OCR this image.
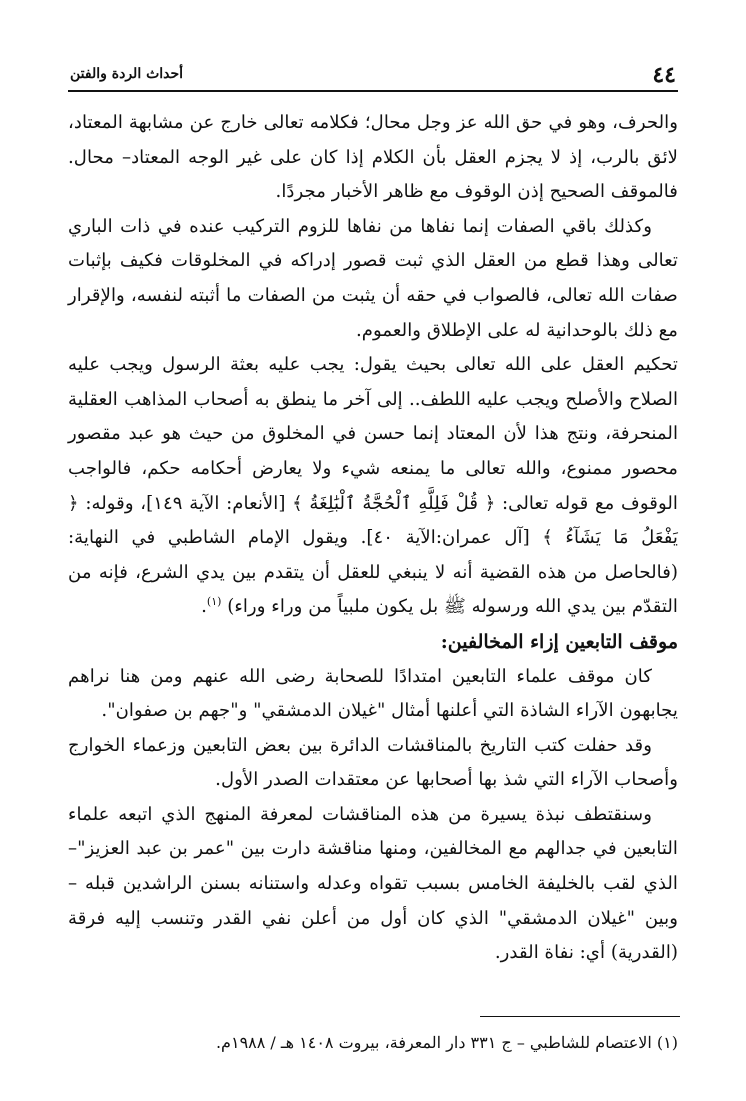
٤٤
أحداث الردة والفتن

والحرف، وهو في حق الله عز وجل محال؛ فكلامه تعالى خارج عن مشابهة المعتاد، لائق بالرب، إذ لا يجزم العقل بأن الكلام إذا كان على غير الوجه المعتاد– محال. فالموقف الصحيح إذن الوقوف مع ظاهر الأخبار مجردًا.

وكذلك باقي الصفات إنما نفاها من نفاها للزوم التركيب عنده في ذات الباري تعالى وهذا قطع من العقل الذي ثبت قصور إدراكه في المخلوقات فكيف بإثبات صفات الله تعالى، فالصواب في حقه أن يثبت من الصفات ما أثبته لنفسه، والإقرار مع ذلك بالوحدانية له على الإطلاق والعموم.

تحكيم العقل على الله تعالى بحيث يقول: يجب عليه بعثة الرسول ويجب عليه الصلاح والأصلح ويجب عليه اللطف.. إلى آخر ما ينطق به أصحاب المذاهب العقلية المنحرفة، ونتج هذا لأن المعتاد إنما حسن في المخلوق من حيث هو عبد مقصور محصور ممنوع، والله تعالى ما يمنعه شيء ولا يعارض أحكامه حكم، فالواجب الوقوف مع قوله تعالى: ﴿ قُلْ فَلِلَّهِ ٱلْحُجَّةُ ٱلْبَٰلِغَةُ ﴾ [الأنعام: الآية ١٤٩]، وقوله: ﴿ يَفْعَلُ مَا يَشَآءُ ﴾ [آل عمران:الآية ٤٠]. ويقول الإمام الشاطبي في النهاية: (فالحاصل من هذه القضية أنه لا ينبغي للعقل أن يتقدم بين يدي الشرع، فإنه من التقدّم بين يدي الله ورسوله ﷺ بل يكون ملبياً من وراء وراء) $^{(١)}$.

موقف التابعين إزاء المخالفين:

كان موقف علماء التابعين امتدادًا للصحابة رضى الله عنهم ومن هنا نراهم يجابهون الآراء الشاذة التي أعلنها أمثال "غيلان الدمشقي" و"جهم بن صفوان".

وقد حفلت كتب التاريخ بالمناقشات الدائرة بين بعض التابعين وزعماء الخوارج وأصحاب الآراء التي شذ بها أصحابها عن معتقدات الصدر الأول.

وسنقتطف نبذة يسيرة من هذه المناقشات لمعرفة المنهج الذي اتبعه علماء التابعين في جدالهم مع المخالفين، ومنها مناقشة دارت بين "عمر بن عبد العزيز"– الذي لقب بالخليفة الخامس بسبب تقواه وعدله واستنانه بسنن الراشدين قبله – وبين "غيلان الدمشقي" الذي كان أول من أعلن نفي القدر وتنسب إليه فرقة (القدرية) أي: نفاة القدر.

(١) الاعتصام للشاطبي – ج ٣٣١ دار المعرفة، بيروت ١٤٠٨ هـ / ١٩٨٨م.
